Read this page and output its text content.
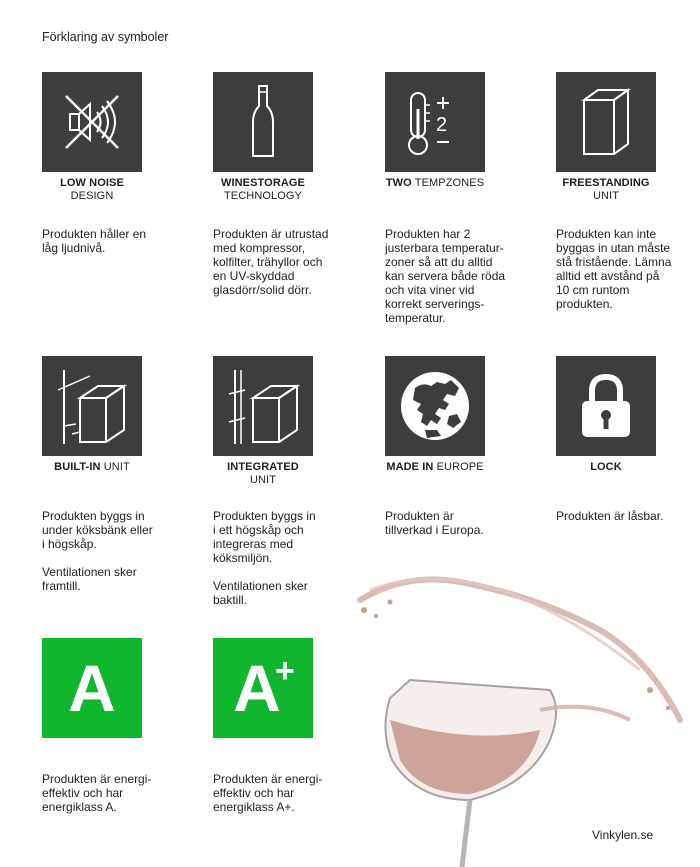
Förklaring av symboler
LOW NOISE
DESIGN
Produkten håller en
låg ljudnivå.
WINESTORAGE
TECHNOLOGY
Produkten är utrustad
med kompressor,
kolfilter, trähyllor och
en UV-skyddad
glasdörr/solid dörr.
2
TWO TEMPZONES
Produkten har 2
justerbara temperatur-
zoner så att du alltid
kan servera både röda
och vita viner vid
korrekt serverings-
temperatur.
FREESTANDING
UNIT
Produkten kan inte
byggas in utan måste
stå fristående. Lämna
alltid ett avstånd på
10 cm runtom
produkten.
BUILT-IN UNIT
Produkten byggs in
under köksbänk eller
i högskåp.

Ventilationen sker
framtill.
INTEGRATED
UNIT
Produkten byggs in
i ett högskåp och
integreras med
köksmiljön.

Ventilationen sker
baktill.
MADE IN EUROPE
Produkten är
tillverkad i Europa.
LOCK
Produkten är låsbar.
A
Produkten är energi-
effektiv och har
energiklass A.
A
+
Produkten är energi-
effektiv och har
energiklass A+.
Vinkylen.se
